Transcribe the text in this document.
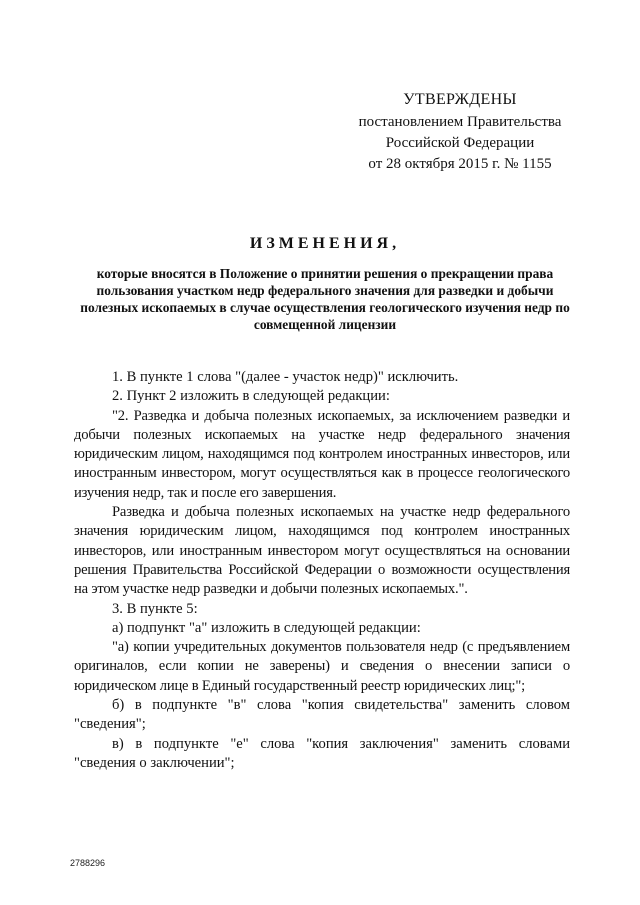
УТВЕРЖДЕНЫ
постановлением Правительства
Российской Федерации
от 28 октября 2015 г. № 1155
ИЗМЕНЕНИЯ,
которые вносятся в Положение о принятии решения о прекращении права пользования участком недр федерального значения для разведки и добычи полезных ископаемых в случае осуществления геологического изучения недр по совмещенной лицензии

1. В пункте 1 слова "(далее - участок недр)" исключить.

2. Пункт 2 изложить в следующей редакции:

"2. Разведка и добыча полезных ископаемых, за исключением разведки и добычи полезных ископаемых на участке недр федерального значения юридическим лицом, находящимся под контролем иностранных инвесторов, или иностранным инвестором, могут осуществляться как в процессе геологического изучения недр, так и после его завершения.

Разведка и добыча полезных ископаемых на участке недр федерального значения юридическим лицом, находящимся под контролем иностранных инвесторов, или иностранным инвестором могут осуществляться на основании решения Правительства Российской Федерации о возможности осуществления на этом участке недр разведки и добычи полезных ископаемых.".

3. В пункте 5:

а) подпункт "а" изложить в следующей редакции:

"а) копии учредительных документов пользователя недр (с предъявлением оригиналов, если копии не заверены) и сведения о внесении записи о юридическом лице в Единый государственный реестр юридических лиц;";

б) в подпункте "в" слова "копия свидетельства" заменить словом "сведения";

в) в подпункте "е" слова "копия заключения" заменить словами "сведения о заключении";

2788296
